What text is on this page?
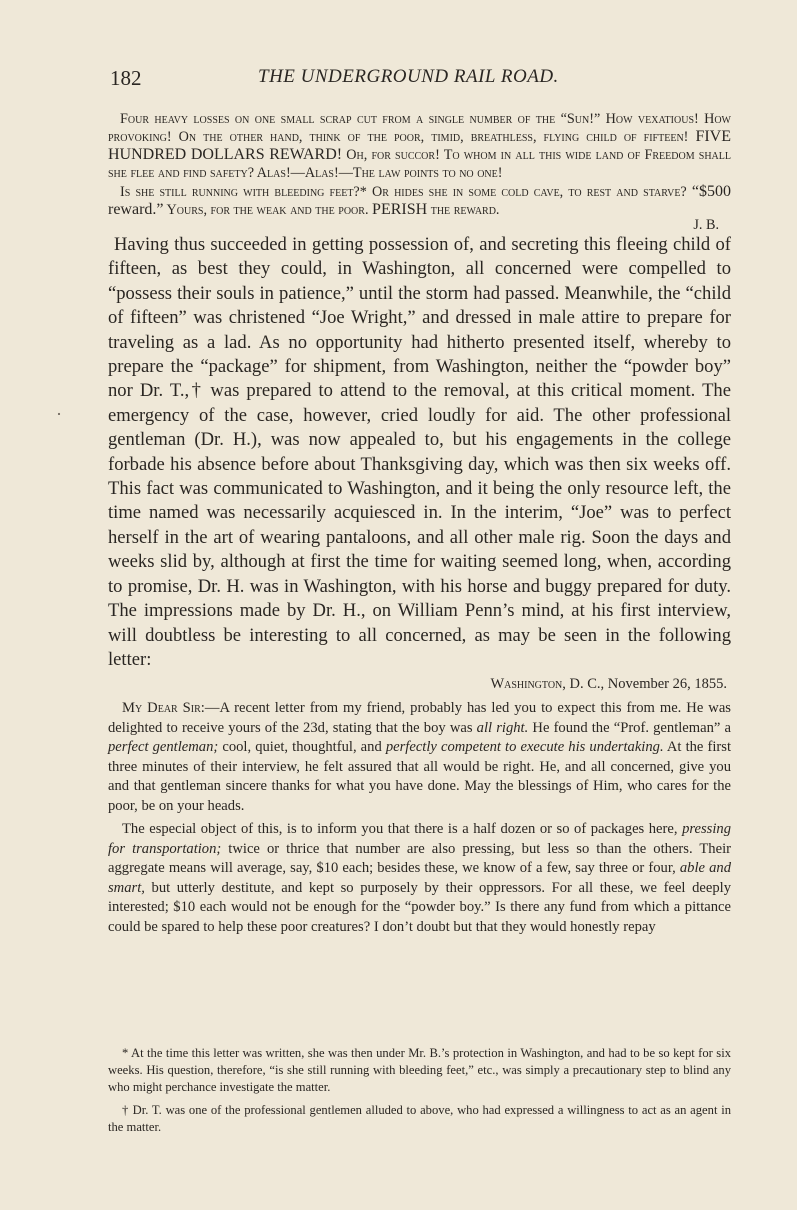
182	THE UNDERGROUND RAIL ROAD.

Four heavy losses on one small scrap cut from a single number of the “Sun!” How vexatious! How provoking! On the other hand, think of the poor, timid, breathless, flying child of fifteen! FIVE HUNDRED DOLLARS REWARD! Oh, for succor! To whom in all this wide land of Freedom shall she flee and find safety? Alas!—Alas!—The law points to no one!

Is she still running with bleeding feet?* Or hides she in some cold cave, to rest and starve? “$500 reward.” Yours, for the weak and the poor. PERISH the reward.

J. B.

Having thus succeeded in getting possession of, and secreting this fleeing child of fifteen, as best they could, in Washington, all concerned were compelled to “possess their souls in patience,” until the storm had passed. Meanwhile, the “child of fifteen” was christened “Joe Wright,” and dressed in male attire to prepare for traveling as a lad. As no opportunity had hitherto presented itself, whereby to prepare the “package” for shipment, from Washington, neither the “powder boy” nor Dr. T.,† was prepared to attend to the removal, at this critical moment. The emergency of the case, however, cried loudly for aid. The other professional gentleman (Dr. H.), was now appealed to, but his engagements in the college forbade his absence before about Thanksgiving day, which was then six weeks off. This fact was communicated to Washington, and it being the only resource left, the time named was necessarily acquiesced in. In the interim, “Joe” was to perfect herself in the art of wearing pantaloons, and all other male rig. Soon the days and weeks slid by, although at first the time for waiting seemed long, when, according to promise, Dr. H. was in Washington, with his horse and buggy prepared for duty. The impressions made by Dr. H., on William Penn’s mind, at his first interview, will doubtless be interesting to all concerned, as may be seen in the following letter:

Washington, D. C., November 26, 1855.

My Dear Sir:—A recent letter from my friend, probably has led you to expect this from me. He was delighted to receive yours of the 23d, stating that the boy was all right. He found the “Prof. gentleman” a perfect gentleman; cool, quiet, thoughtful, and perfectly competent to execute his undertaking. At the first three minutes of their interview, he felt assured that all would be right. He, and all concerned, give you and that gentleman sincere thanks for what you have done. May the blessings of Him, who cares for the poor, be on your heads.

The especial object of this, is to inform you that there is a half dozen or so of packages here, pressing for transportation; twice or thrice that number are also pressing, but less so than the others. Their aggregate means will average, say, $10 each; besides these, we know of a few, say three or four, able and smart, but utterly destitute, and kept so purposely by their oppressors. For all these, we feel deeply interested; $10 each would not be enough for the “powder boy.” Is there any fund from which a pittance could be spared to help these poor creatures? I don’t doubt but that they would honestly repay

* At the time this letter was written, she was then under Mr. B.’s protection in Washington, and had to be so kept for six weeks. His question, therefore, “is she still running with bleeding feet,” etc., was simply a precautionary step to blind any who might perchance investigate the matter.

† Dr. T. was one of the professional gentlemen alluded to above, who had expressed a willingness to act as an agent in the matter.

·
